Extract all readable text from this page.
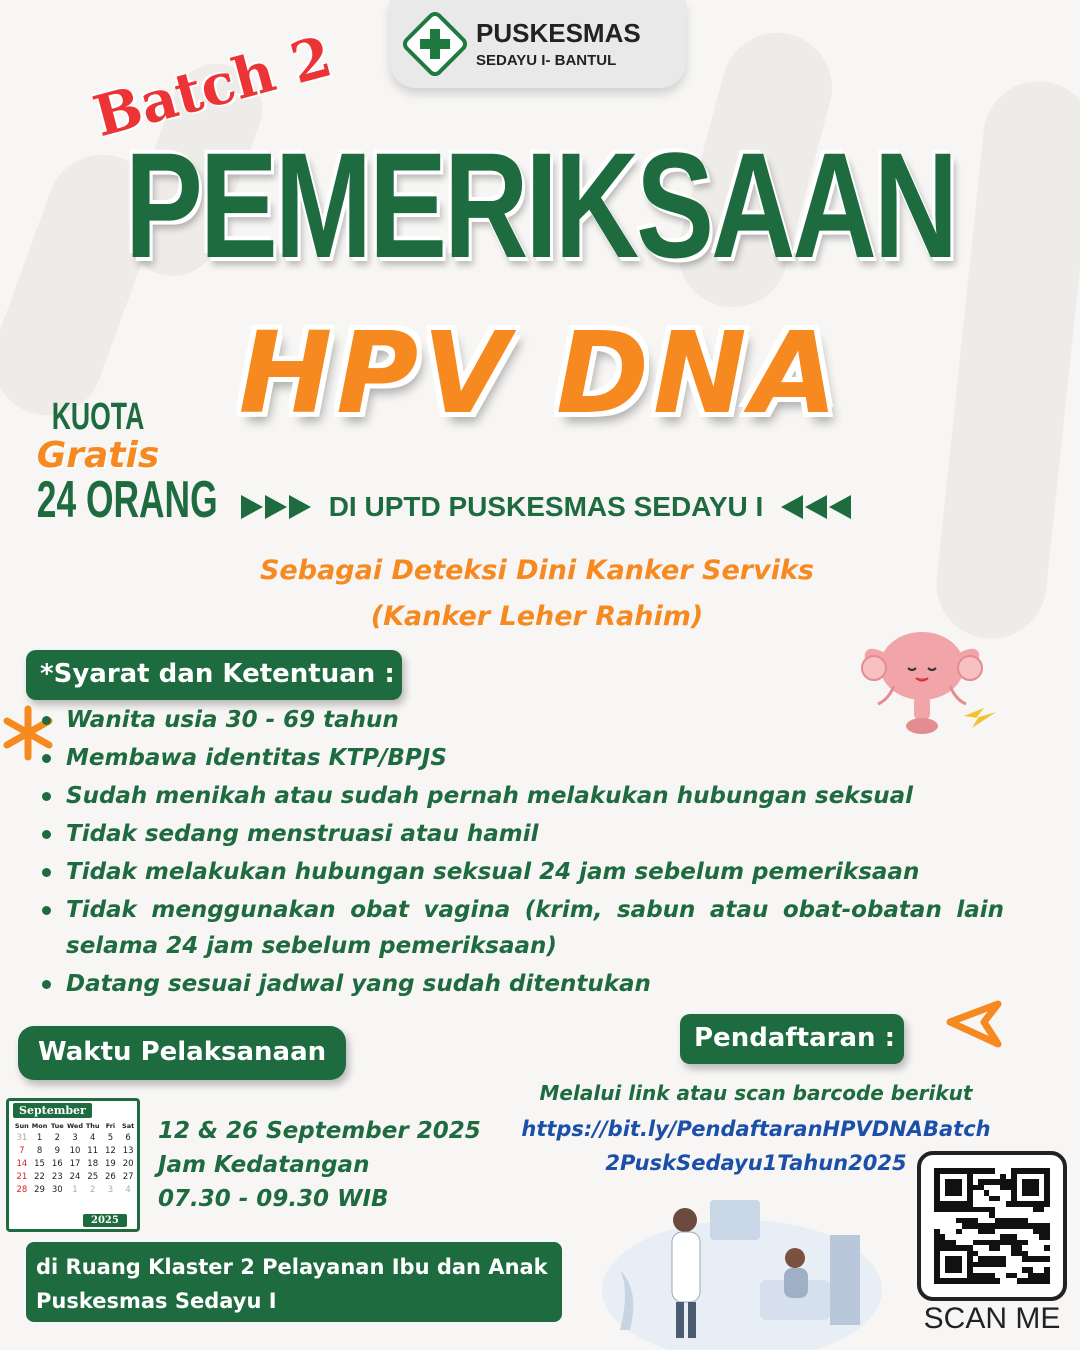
PUSKESMAS
SEDAYU I- BANTUL
Batch 2
PEMERIKSAAN
HPV DNA
KUOTA
Gratis
24 ORANG	DI UPTD PUSKESMAS SEDAYU I
Sebagai Deteksi Dini Kanker Serviks
(Kanker Leher Rahim)
*Syarat dan Ketentuan :
Wanita usia 30 - 69 tahun
Membawa identitas KTP/BPJS
Sudah menikah atau sudah pernah melakukan hubungan seksual
Tidak sedang menstruasi atau hamil
Tidak melakukan hubungan seksual 24 jam sebelum pemeriksaan
Tidak menggunakan obat vagina (krim, sabun atau obat-obatan lain selama 24 jam sebelum pemeriksaan)
Datang sesuai jadwal yang sudah ditentukan
Waktu Pelaksanaan
September
Sun Mon Tue Wed Thu Fri	Sat
31	1	2	3	4	5	6
7	8	9	10 11 12 13
14 15 16 17 18 19 20
21 22 23 24 25 26 27
28 29 30	1	2	3	4
2025
12 & 26 September 2025
Jam Kedatangan
07.30 - 09.30 WIB
di Ruang Klaster 2 Pelayanan Ibu dan Anak
Puskesmas Sedayu I
Pendaftaran :
Melalui link atau scan barcode berikut
https://bit.ly/PendaftaranHPVDNABatch
2PuskSedayu1Tahun2025
SCAN ME
